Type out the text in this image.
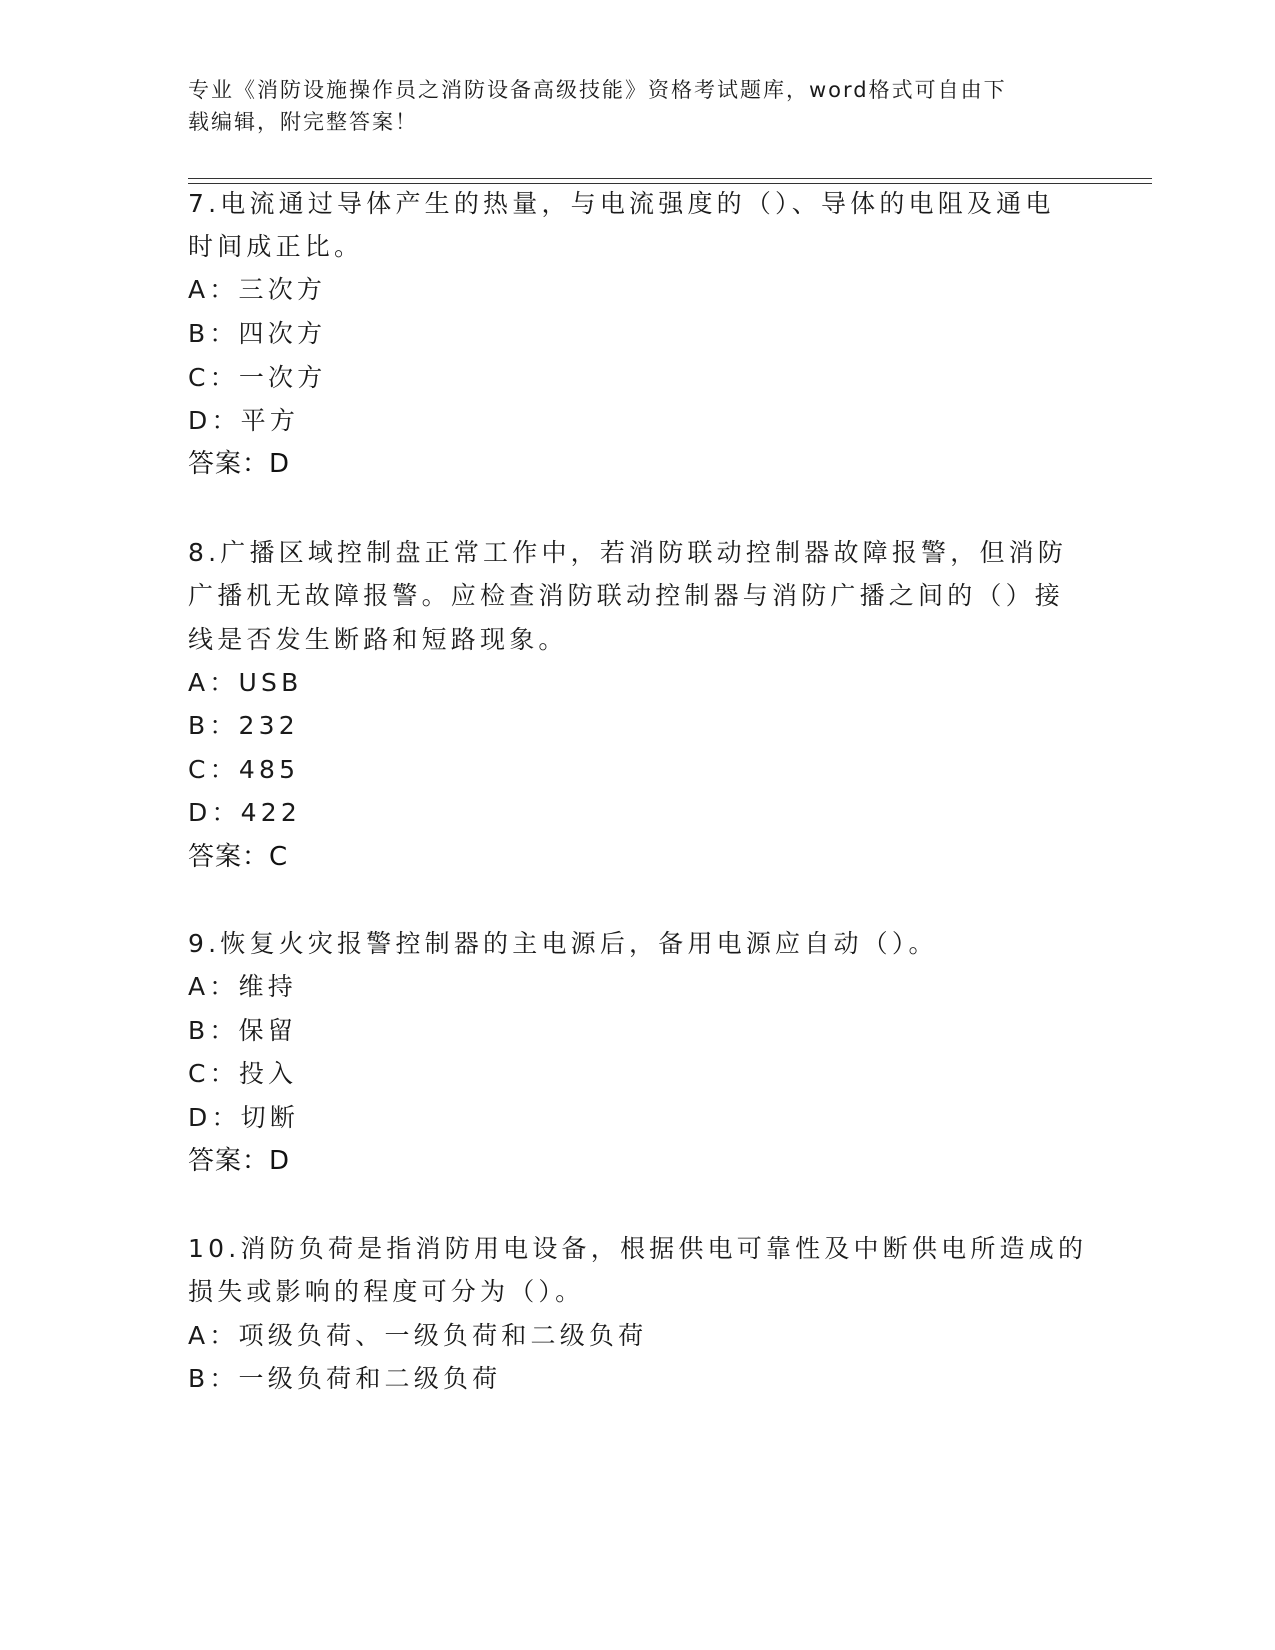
专业《消防设施操作员之消防设备高级技能》资格考试题库，word格式可自由下
载编辑，附完整答案！
7.电流通过导体产生的热量，与电流强度的（）、导体的电阻及通电
时间成正比。
A：三次方
B：四次方
C：一次方
D：平方
答案：D
8.广播区域控制盘正常工作中，若消防联动控制器故障报警，但消防
广播机无故障报警。应检查消防联动控制器与消防广播之间的（）接
线是否发生断路和短路现象。
A：USB
B：232
C：485
D：422
答案：C
9.恢复火灾报警控制器的主电源后，备用电源应自动（）。
A：维持
B：保留
C：投入
D：切断
答案：D
10.消防负荷是指消防用电设备，根据供电可靠性及中断供电所造成的
损失或影响的程度可分为（）。
A：项级负荷、一级负荷和二级负荷
B：一级负荷和二级负荷
